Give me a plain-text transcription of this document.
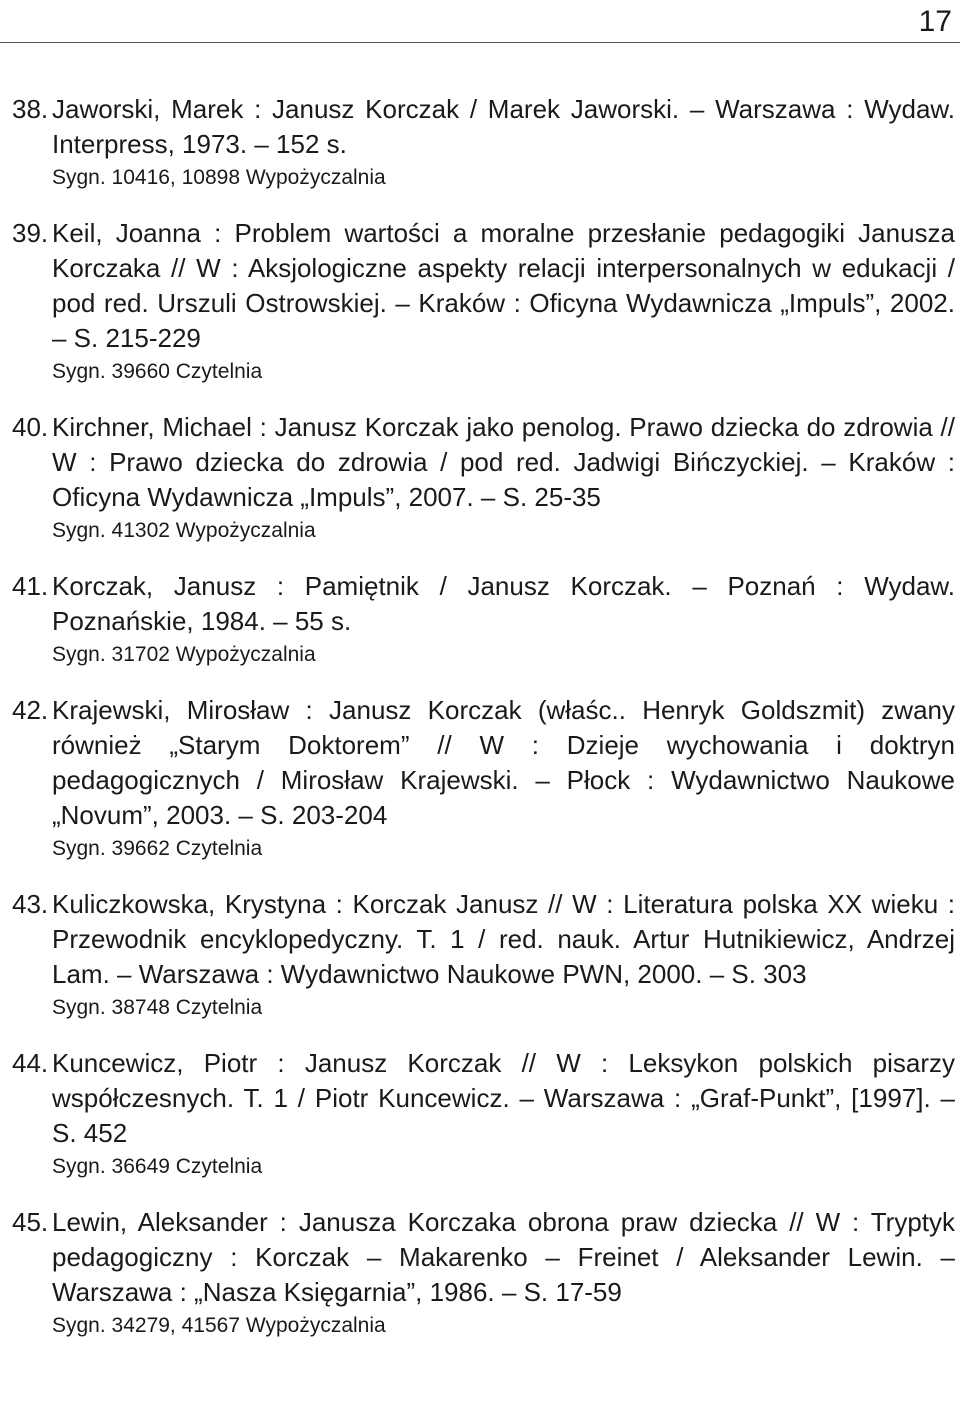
17
38. Jaworski, Marek : Janusz Korczak / Marek Jaworski. – Warszawa : Wydaw. Interpress, 1973. – 152 s.
Sygn. 10416, 10898 Wypożyczalnia
39. Keil, Joanna : Problem wartości a moralne przesłanie pedagogiki Janusza Korczaka // W : Aksjologiczne aspekty relacji interpersonalnych w edukacji / pod red. Urszuli Ostrowskiej. – Kraków : Oficyna Wydawnicza „Impuls”, 2002. – S. 215-229
Sygn. 39660 Czytelnia
40. Kirchner, Michael : Janusz Korczak jako penolog. Prawo dziecka do zdrowia // W : Prawo dziecka do zdrowia / pod red. Jadwigi Bińczyckiej. – Kraków : Oficyna Wydawnicza „Impuls”, 2007. – S. 25-35
Sygn. 41302 Wypożyczalnia
41. Korczak, Janusz : Pamiętnik / Janusz Korczak. – Poznań : Wydaw. Poznańskie, 1984. – 55 s.
Sygn. 31702 Wypożyczalnia
42. Krajewski, Mirosław : Janusz Korczak (właśc.. Henryk Goldszmit) zwany również „Starym Doktorem” // W : Dzieje wychowania i doktryn pedagogicznych / Mirosław Krajewski. – Płock : Wydawnictwo Naukowe „Novum”, 2003. – S. 203-204
Sygn. 39662 Czytelnia
43. Kuliczkowska, Krystyna : Korczak Janusz // W : Literatura polska XX wieku : Przewodnik encyklopedyczny. T. 1 / red. nauk. Artur Hutnikiewicz, Andrzej Lam. – Warszawa : Wydawnictwo Naukowe PWN, 2000. – S. 303
Sygn. 38748 Czytelnia
44. Kuncewicz, Piotr : Janusz Korczak // W : Leksykon polskich pisarzy współczesnych. T. 1 / Piotr Kuncewicz. – Warszawa : „Graf-Punkt”, [1997]. – S. 452
Sygn. 36649 Czytelnia
45. Lewin, Aleksander : Janusza Korczaka obrona praw dziecka // W : Tryptyk pedagogiczny : Korczak – Makarenko – Freinet / Aleksander Lewin. – Warszawa : „Nasza Księgarnia”, 1986. – S. 17-59
Sygn. 34279, 41567 Wypożyczalnia
